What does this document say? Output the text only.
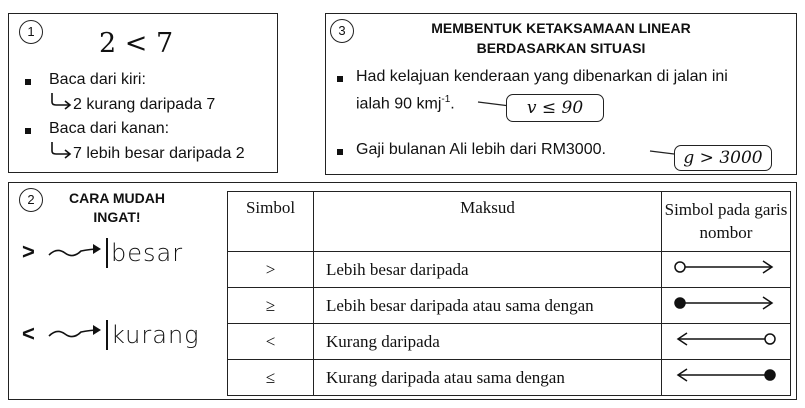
1	2 < 7
Baca dari kiri:
2 kurang daripada 7
Baca dari kanan:
7 lebih besar daripada 2
3	MEMBENTUK KETAKSAMAAN LINEAR
BERDASARKAN SITUASI
Had kelajuan kenderaan yang dibenarkan di jalan ini
ialah 90 kmj$^{-1}$.	v ≤ 90
Gaji bulanan Ali lebih dari RM3000.	g > 3000
2	CARA MUDAH
INGAT!
>	besar
<	kurang
Simbol	Maksud	Simbol pada garis nombor
>	Lebih besar daripada	
≥	Lebih besar daripada atau sama dengan	
<	Kurang daripada	
≤	Kurang daripada atau sama dengan	
